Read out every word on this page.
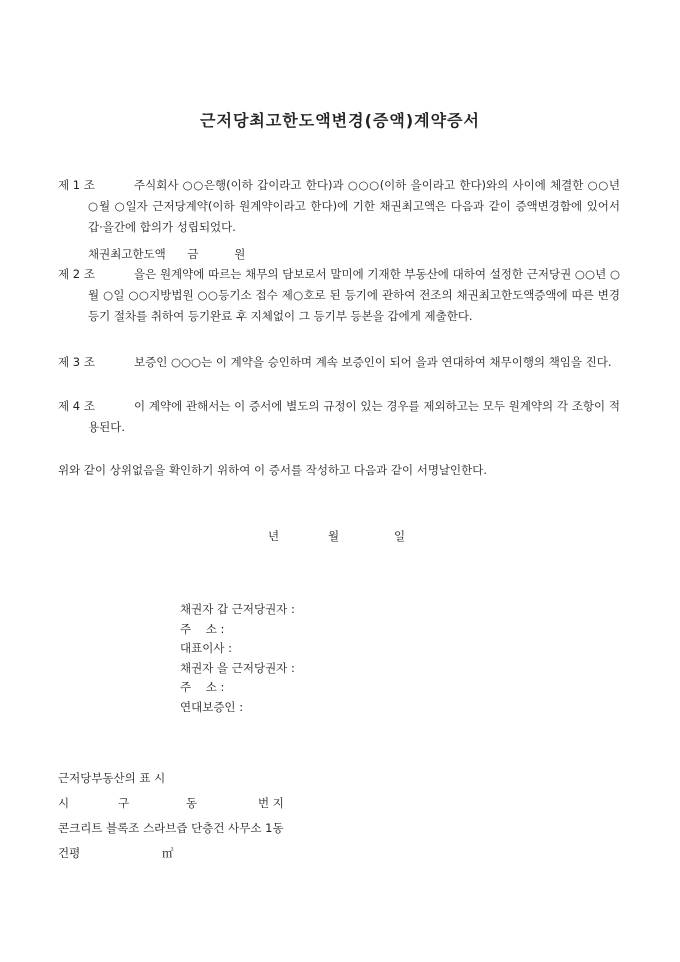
근저당최고한도액변경(증액)계약증서
제 1 조	주식회사 ○○은행(이하 갑이라고 한다)과 ○○○(이하 을이라고 한다)와의 사이에 체결한 ○○년 ○월 ○일자 근저당계약(이하 원계약이라고 한다)에 기한 채권최고액은 다음과 같이 증액변경함에 있어서 갑·을간에 합의가 성립되었다.
채권최고한도액 금	원
제 2 조	을은 원계약에 따르는 채무의 담보로서 말미에 기재한 부동산에 대하여 설정한 근저당권 ○○년 ○월 ○일 ○○지방법원 ○○등기소 접수 제○호로 된 등기에 관하여 전조의 채권최고한도액증액에 따른 변경등기 절차를 취하여 등기완료 후 지체없이 그 등기부 등본을 갑에게 제출한다.
제 3 조	보증인 ○○○는 이 계약을 승인하며 계속 보증인이 되어 을과 연대하여 채무이행의 책임을 진다.
제 4 조	이 계약에 관해서는 이 증서에 별도의 규정이 있는 경우를 제외하고는 모두 원계약의 각 조항이 적용된다.
위와 같이 상위없음을 확인하기 위하여 이 증서를 작성하고 다음과 같이 서명날인한다.
년	월	일
채권자 갑 근저당권자 :
주    소 :
대표이사 :
채권자 을 근저당권자 :
주    소 :
연대보증인 :
근저당부동산의 표 시
시	구	동	번 지
콘크리트 블록조 스라브즙 단층건 사무소 1동
건평	㎡
